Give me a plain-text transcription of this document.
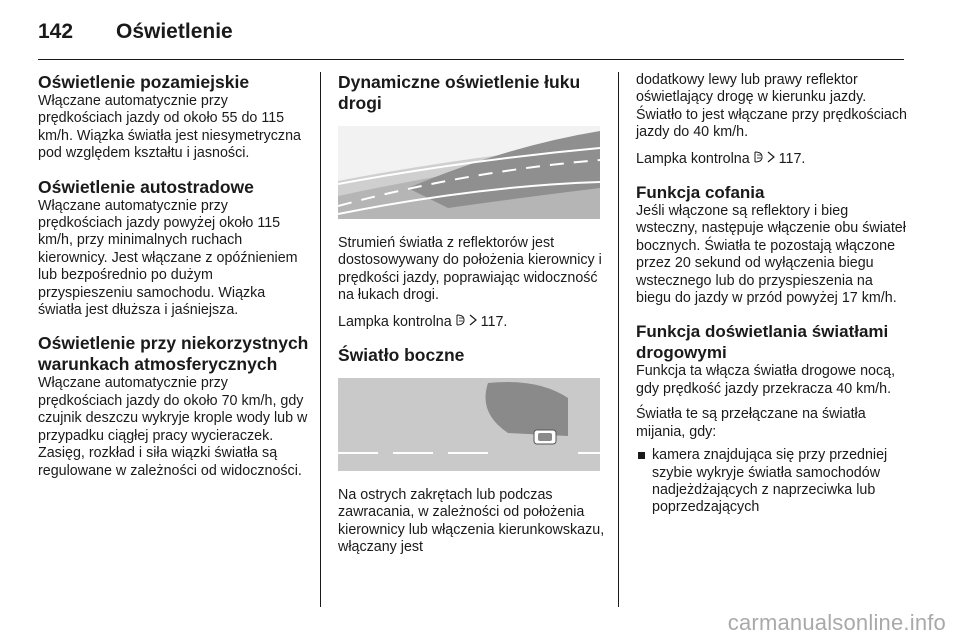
142 Oświetlenie
Oświetlenie pozamiejskie

Włączane automatycznie przy prędkościach jazdy od około 55 do 115 km/h. Wiązka światła jest niesymetryczna pod względem kształtu i jasności.

Oświetlenie autostradowe

Włączane automatycznie przy prędkościach jazdy powyżej około 115 km/h, przy minimalnych ruchach kierownicy. Jest włączane z opóźnieniem lub bezpośrednio po dużym przyspieszeniu samochodu. Wiązka światła jest dłuższa i jaśniejsza.

Oświetlenie przy niekorzystnych warunkach atmosferycznych

Włączane automatycznie przy prędkościach jazdy do około 70 km/h, gdy czujnik deszczu wykryje krople wody lub w przypadku ciągłej pracy wycieraczek. Zasięg, rozkład i siła wiązki światła są regulowane w zależności od widoczności.

Dynamiczne oświetlenie łuku drogi

Strumień światła z reflektorów jest dostosowywany do położenia kierownicy i prędkości jazdy, poprawiając widoczność na łukach drogi.

Lampka kontrolna 117.

Światło boczne

Na ostrych zakrętach lub podczas zawracania, w zależności od położenia kierownicy lub włączenia kierunkowskazu, włączany jest

dodatkowy lewy lub prawy reflektor oświetlający drogę w kierunku jazdy. Światło to jest włączane przy prędkościach jazdy do 40 km/h.

Lampka kontrolna 117.

Funkcja cofania

Jeśli włączone są reflektory i bieg wsteczny, następuje włączenie obu świateł bocznych. Światła te pozostają włączone przez 20 sekund od wyłączenia biegu wstecznego lub do przyspieszenia na biegu do jazdy w przód powyżej 17 km/h.

Funkcja doświetlania światłami drogowymi

Funkcja ta włącza światła drogowe nocą, gdy prędkość jazdy przekracza 40 km/h.

Światła te są przełączane na światła mijania, gdy:

kamera znajdująca się przy przedniej szybie wykryje światła samochodów nadjeżdżających z naprzeciwka lub poprzedzających
carmanualsonline.info
